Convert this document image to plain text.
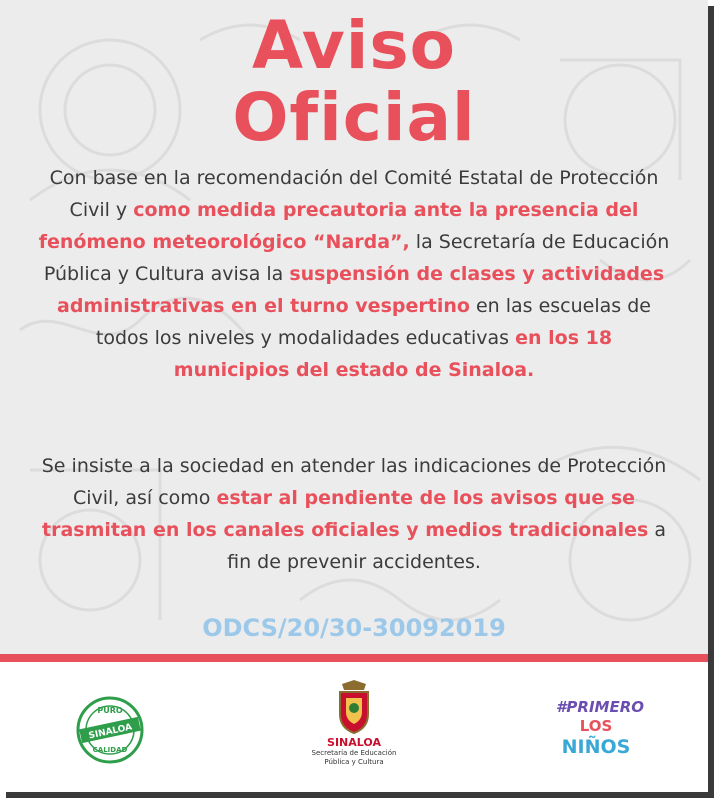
Aviso
Oficial

Con base en la recomendación del Comité Estatal de Protección Civil y como medida precautoria ante la presencia del fenómeno meteorológico “Narda”, la Secretaría de Educación Pública y Cultura avisa la suspensión de clases y actividades administrativas en el turno vespertino en las escuelas de todos los niveles y modalidades educativas en los 18 municipios del estado de Sinaloa.

Se insiste a la sociedad en atender las indicaciones de Protección Civil, así como estar al pendiente de los avisos que se trasmitan en los canales oficiales y medios tradicionales a fin de prevenir accidentes.

ODCS/20/30-30092019
PURO
SINALOA
CALIDAD
SINALOA
Secretaría de Educación
Pública y Cultura
#PRIMERO
LOS
NIÑOS
